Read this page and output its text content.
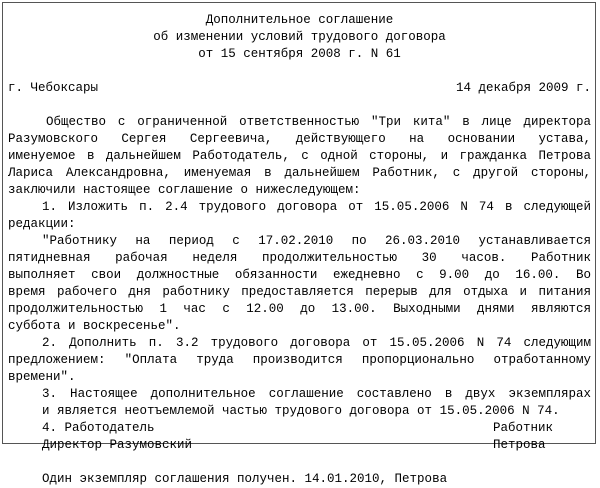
Дополнительное соглашение
об изменении условий трудового договора
от 15 сентября 2008 г. N 61
г. Чебоксары	14 декабря 2009 г.
Общество с ограниченной ответственностью "Три кита" в лице директора
Разумовского Сергея Сергеевича, действующего на основании устава,
именуемое в дальнейшем Работодатель, с одной стороны, и гражданка Петрова
Лариса Александровна, именуемая в дальнейшем Работник, с другой стороны,
заключили настоящее соглашение о нижеследующем:
1. Изложить п. 2.4 трудового договора от 15.05.2006 N 74 в следующей
редакции:
"Работнику на период с 17.02.2010 по 26.03.2010 устанавливается
пятидневная рабочая неделя продолжительностью 30 часов. Работник
выполняет свои должностные обязанности ежедневно с 9.00 до 16.00. Во
время рабочего дня работнику предоставляется перерыв для отдыха и питания
продолжительностью 1 час с 12.00 до 13.00. Выходными днями являются
суббота и воскресенье".
2. Дополнить п. 3.2 трудового договора от 15.05.2006 N 74 следующим
предложением: "Оплата труда производится пропорционально отработанному
времени".
3. Настоящее дополнительное соглашение составлено в двух экземплярах
и является неотъемлемой частью трудового договора от 15.05.2006 N 74.
4. Работодатель	Работник
Директор Разумовский	Петрова
Один экземпляр соглашения получен. 14.01.2010, Петрова
